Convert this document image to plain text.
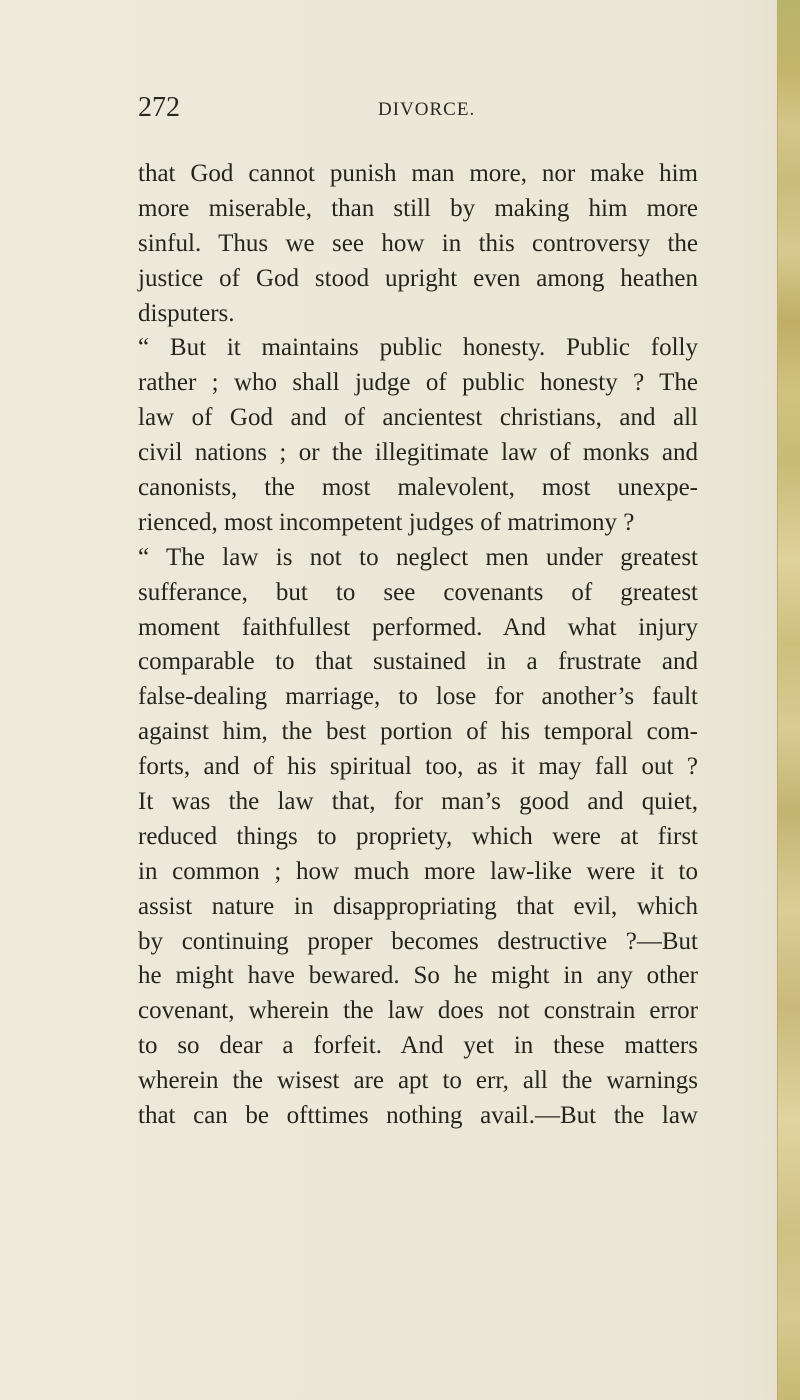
272	DIVORCE.
that God cannot punish man more, nor make him
more miserable, than still by making him more
sinful. Thus we see how in this controversy the
justice of God stood upright even among heathen
disputers.
“ But it maintains public honesty. Public folly
rather ; who shall judge of public honesty ? The
law of God and of ancientest christians, and all
civil nations ; or the illegitimate law of monks and
canonists, the most malevolent, most unexpe-
rienced, most incompetent judges of matrimony ?
“ The law is not to neglect men under greatest
sufferance, but to see covenants of greatest
moment faithfullest performed. And what injury
comparable to that sustained in a frustrate and
false-dealing marriage, to lose for another’s fault
against him, the best portion of his temporal com-
forts, and of his spiritual too, as it may fall out ?
It was the law that, for man’s good and quiet,
reduced things to propriety, which were at first
in common ; how much more law-like were it to
assist nature in disappropriating that evil, which
by continuing proper becomes destructive ?—But
he might have bewared. So he might in any other
covenant, wherein the law does not constrain error
to so dear a forfeit. And yet in these matters
wherein the wisest are apt to err, all the warnings
that can be ofttimes nothing avail.—But the law
